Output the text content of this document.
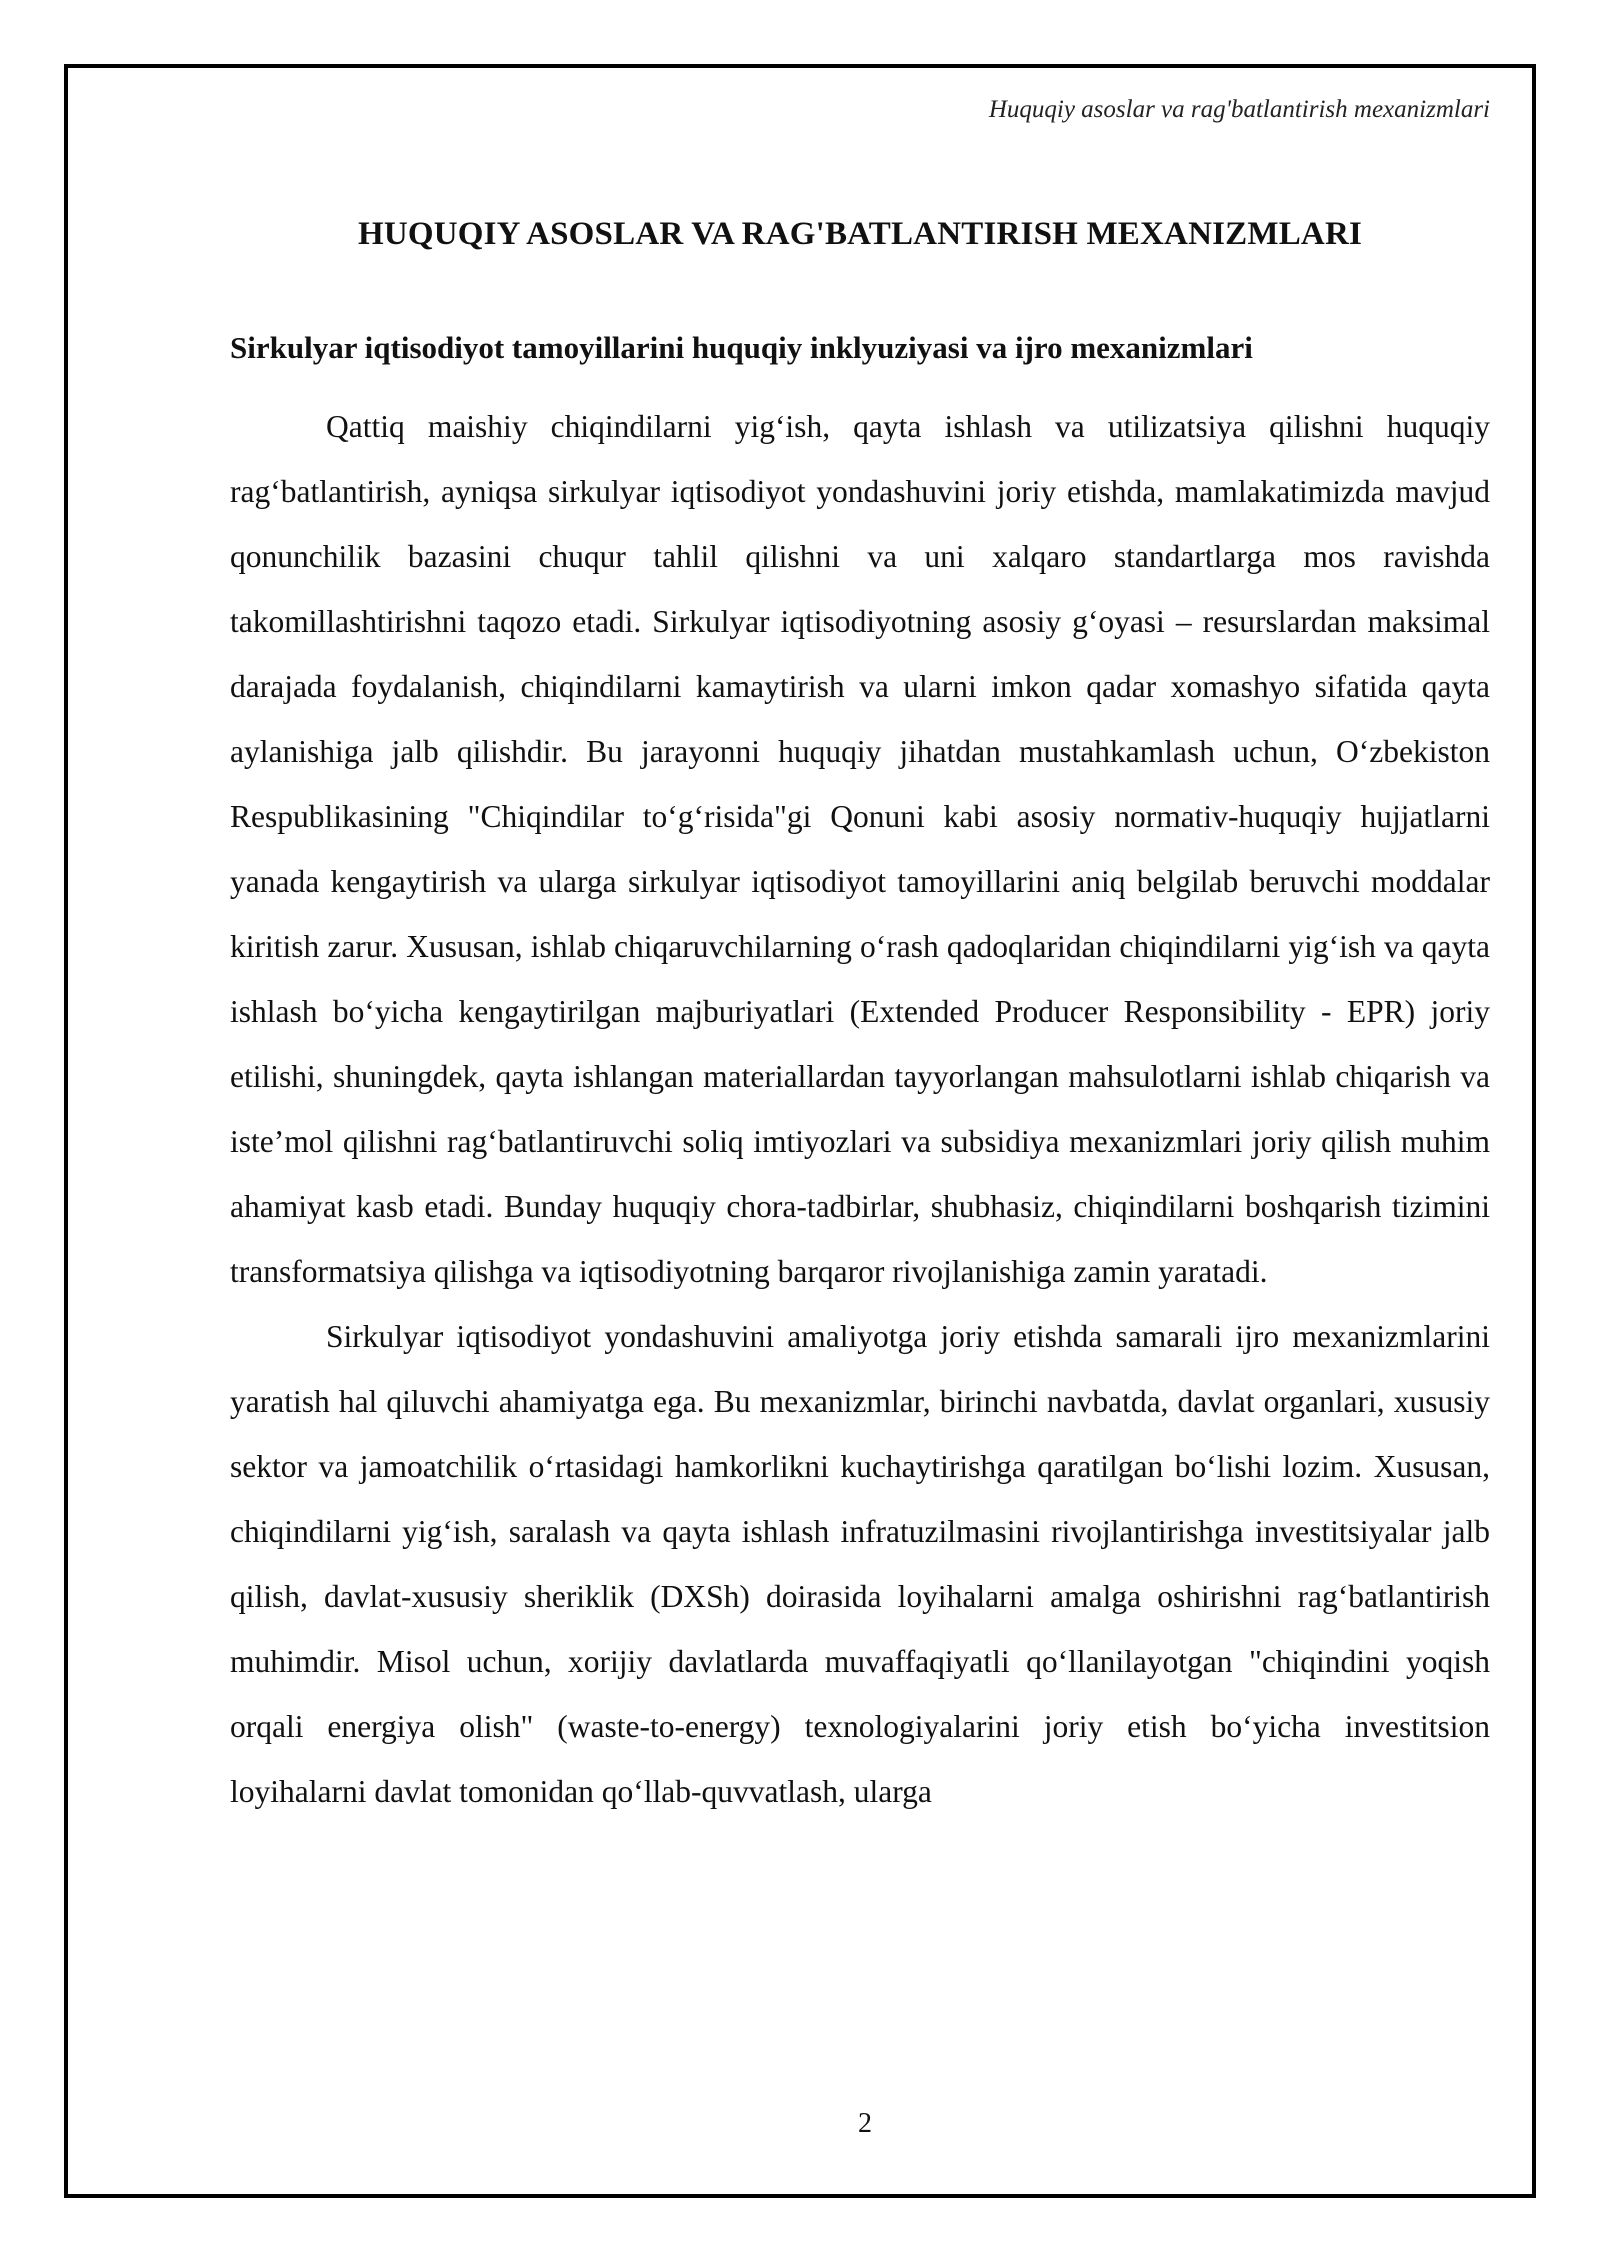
Huquqiy asoslar va rag'batlantirish mexanizmlari
HUQUQIY ASOSLAR VA RAG'BATLANTIRISH MEXANIZMLARI
Sirkulyar iqtisodiyot tamoyillarini huquqiy inklyuziyasi va ijro mexanizmlari

Qattiq maishiy chiqindilarni yig‘ish, qayta ishlash va utilizatsiya qilishni huquqiy rag‘batlantirish, ayniqsa sirkulyar iqtisodiyot yondashuvini joriy etishda, mamlakatimizda mavjud qonunchilik bazasini chuqur tahlil qilishni va uni xalqaro standartlarga mos ravishda takomillashtirishni taqozo etadi. Sirkulyar iqtisodiyotning asosiy g‘oyasi – resurslardan maksimal darajada foydalanish, chiqindilarni kamaytirish va ularni imkon qadar xomashyo sifatida qayta aylanishiga jalb qilishdir. Bu jarayonni huquqiy jihatdan mustahkamlash uchun, O‘zbekiston Respublikasining "Chiqindilar to‘g‘risida"gi Qonuni kabi asosiy normativ-huquqiy hujjatlarni yanada kengaytirish va ularga sirkulyar iqtisodiyot tamoyillarini aniq belgilab beruvchi moddalar kiritish zarur. Xususan, ishlab chiqaruvchilarning o‘rash qadoqlaridan chiqindilarni yig‘ish va qayta ishlash bo‘yicha kengaytirilgan majburiyatlari (Extended Producer Responsibility - EPR) joriy etilishi, shuningdek, qayta ishlangan materiallardan tayyorlangan mahsulotlarni ishlab chiqarish va iste’mol qilishni rag‘batlantiruvchi soliq imtiyozlari va subsidiya mexanizmlari joriy qilish muhim ahamiyat kasb etadi. Bunday huquqiy chora-tadbirlar, shubhasiz, chiqindilarni boshqarish tizimini transformatsiya qilishga va iqtisodiyotning barqaror rivojlanishiga zamin yaratadi.

Sirkulyar iqtisodiyot yondashuvini amaliyotga joriy etishda samarali ijro mexanizmlarini yaratish hal qiluvchi ahamiyatga ega. Bu mexanizmlar, birinchi navbatda, davlat organlari, xususiy sektor va jamoatchilik o‘rtasidagi hamkorlikni kuchaytirishga qaratilgan bo‘lishi lozim. Xususan, chiqindilarni yig‘ish, saralash va qayta ishlash infratuzilmasini rivojlantirishga investitsiyalar jalb qilish, davlat-xususiy sheriklik (DXSh) doirasida loyihalarni amalga oshirishni rag‘batlantirish muhimdir. Misol uchun, xorijiy davlatlarda muvaffaqiyatli qo‘llanilayotgan "chiqindini yoqish orqali energiya olish" (waste-to-energy) texnologiyalarini joriy etish bo‘yicha investitsion loyihalarni davlat tomonidan qo‘llab-quvvatlash, ularga

2
